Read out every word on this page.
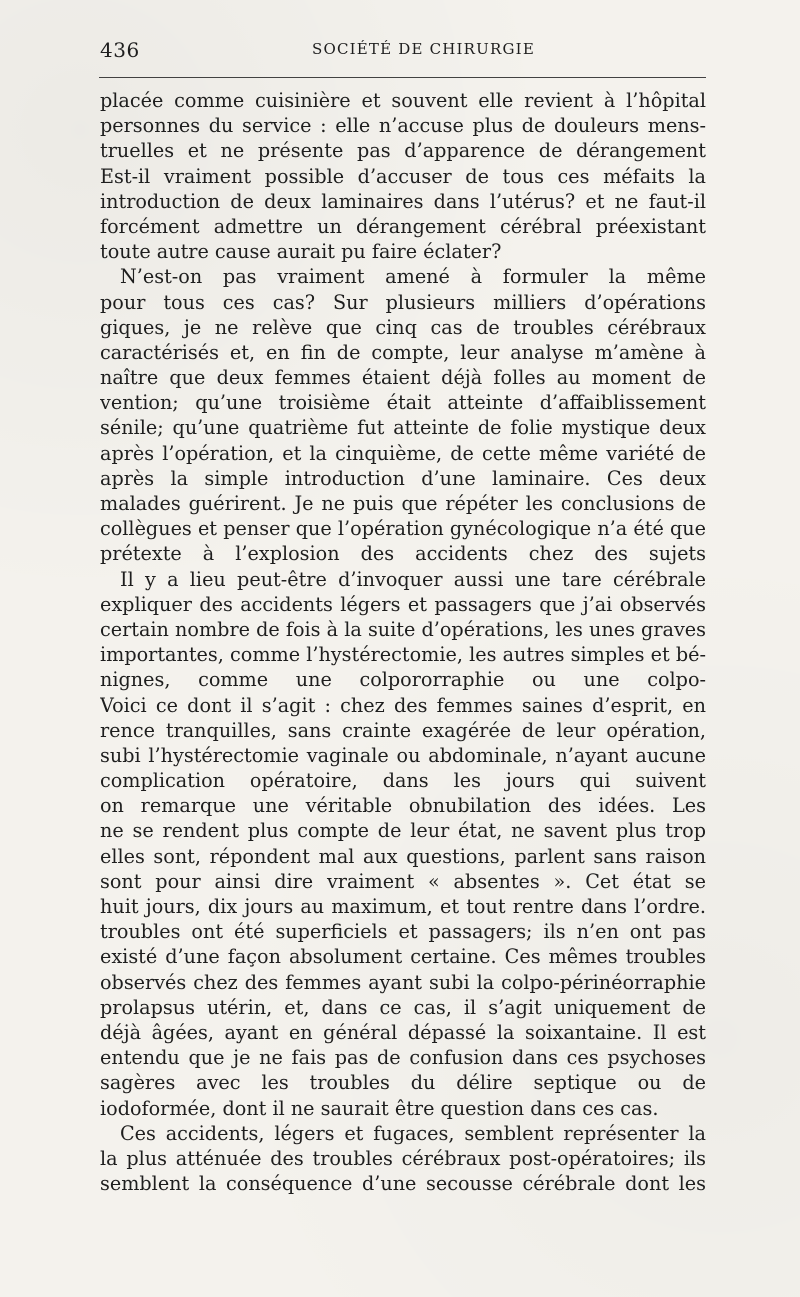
436	SOCIÉTÉ DE CHIRURGIE
placée comme cuisinière et souvent elle revient à l’hôpital
personnes du service : elle n’accuse plus de douleurs mens-
truelles et ne présente pas d’apparence de dérangement
Est-il vraiment possible d’accuser de tous ces méfaits la
introduction de deux laminaires dans l’utérus? et ne faut-il
forcément admettre un dérangement cérébral préexistant
toute autre cause aurait pu faire éclater?
N’est-on pas vraiment amené à formuler la même
pour tous ces cas? Sur plusieurs milliers d’opérations
giques, je ne relève que cinq cas de troubles cérébraux
caractérisés et, en fin de compte, leur analyse m’amène à
naître que deux femmes étaient déjà folles au moment de
vention; qu’une troisième était atteinte d’affaiblissement
sénile; qu’une quatrième fut atteinte de folie mystique deux
après l’opération, et la cinquième, de cette même variété de
après la simple introduction d’une laminaire. Ces deux
malades guérirent. Je ne puis que répéter les conclusions de
collègues et penser que l’opération gynécologique n’a été que
prétexte à l’explosion des accidents chez des sujets
Il y a lieu peut-être d’invoquer aussi une tare cérébrale
expliquer des accidents légers et passagers que j’ai observés
certain nombre de fois à la suite d’opérations, les unes graves
importantes, comme l’hystérectomie, les autres simples et bé-
nignes, comme une colpororraphie ou une colpo-
Voici ce dont il s’agit : chez des femmes saines d’esprit, en
rence tranquilles, sans crainte exagérée de leur opération,
subi l’hystérectomie vaginale ou abdominale, n’ayant aucune
complication opératoire, dans les jours qui suivent
on remarque une véritable obnubilation des idées. Les
ne se rendent plus compte de leur état, ne savent plus trop
elles sont, répondent mal aux questions, parlent sans raison
sont pour ainsi dire vraiment « absentes ». Cet état se
huit jours, dix jours au maximum, et tout rentre dans l’ordre.
troubles ont été superficiels et passagers; ils n’en ont pas
existé d’une façon absolument certaine. Ces mêmes troubles
observés chez des femmes ayant subi la colpo-périnéorraphie
prolapsus utérin, et, dans ce cas, il s’agit uniquement de
déjà âgées, ayant en général dépassé la soixantaine. Il est
entendu que je ne fais pas de confusion dans ces psychoses
sagères avec les troubles du délire septique ou de
iodoformée, dont il ne saurait être question dans ces cas.
Ces accidents, légers et fugaces, semblent représenter la
la plus atténuée des troubles cérébraux post-opératoires; ils
semblent la conséquence d’une secousse cérébrale dont les
